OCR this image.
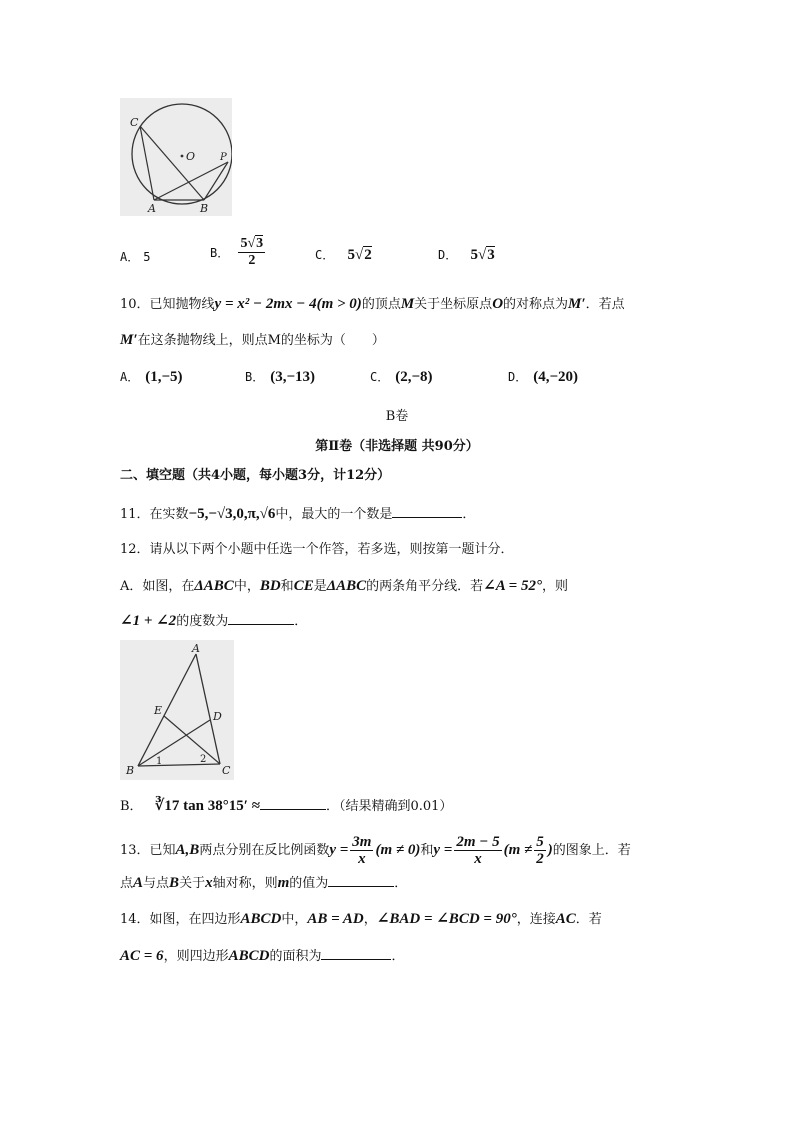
C
O
A	B
P
A． 5	B． $\frac{5√3}{2}$	C． 5√2	D． 5√3
10．已知抛物线y = x² − 2mx − 4(m > 0)的顶点M关于坐标原点O的对称点为M′．若点
M′在这条抛物线上，则点M的坐标为（　　）
A． (1,−5)	B． (3,−13)	C． (2,−8)	D． (4,−20)
B卷
第Ⅱ卷（非选择题 共90分）
二、填空题（共4小题，每小题3分，计12分）
11．在实数−5,−√3,0,π,√6中，最大的一个数是	．
12．请从以下两个小题中任选一个作答，若多选，则按第一题计分．
A．如图，在ΔABC中，BD和CE是ΔABC的两条角平分线．若∠A = 52°，则
∠1 + ∠2的度数为	．
A
E	D
B	C
1	2
B． ∛17 tan 38°15′ ≈	．（结果精确到0.01）
13．已知A,B两点分别在反比例函数$y = \frac{3m}{x} (m \ne 0)$和$y = \frac{2m - 5}{x} (m \ne \frac{5}{2}$ )的图象上．若
点A与点B关于x轴对称，则m的值为	．
14．如图，在四边形ABCD中，AB = AD，∠BAD = ∠BCD = 90°，连接AC．若
AC = 6，则四边形ABCD的面积为	．
